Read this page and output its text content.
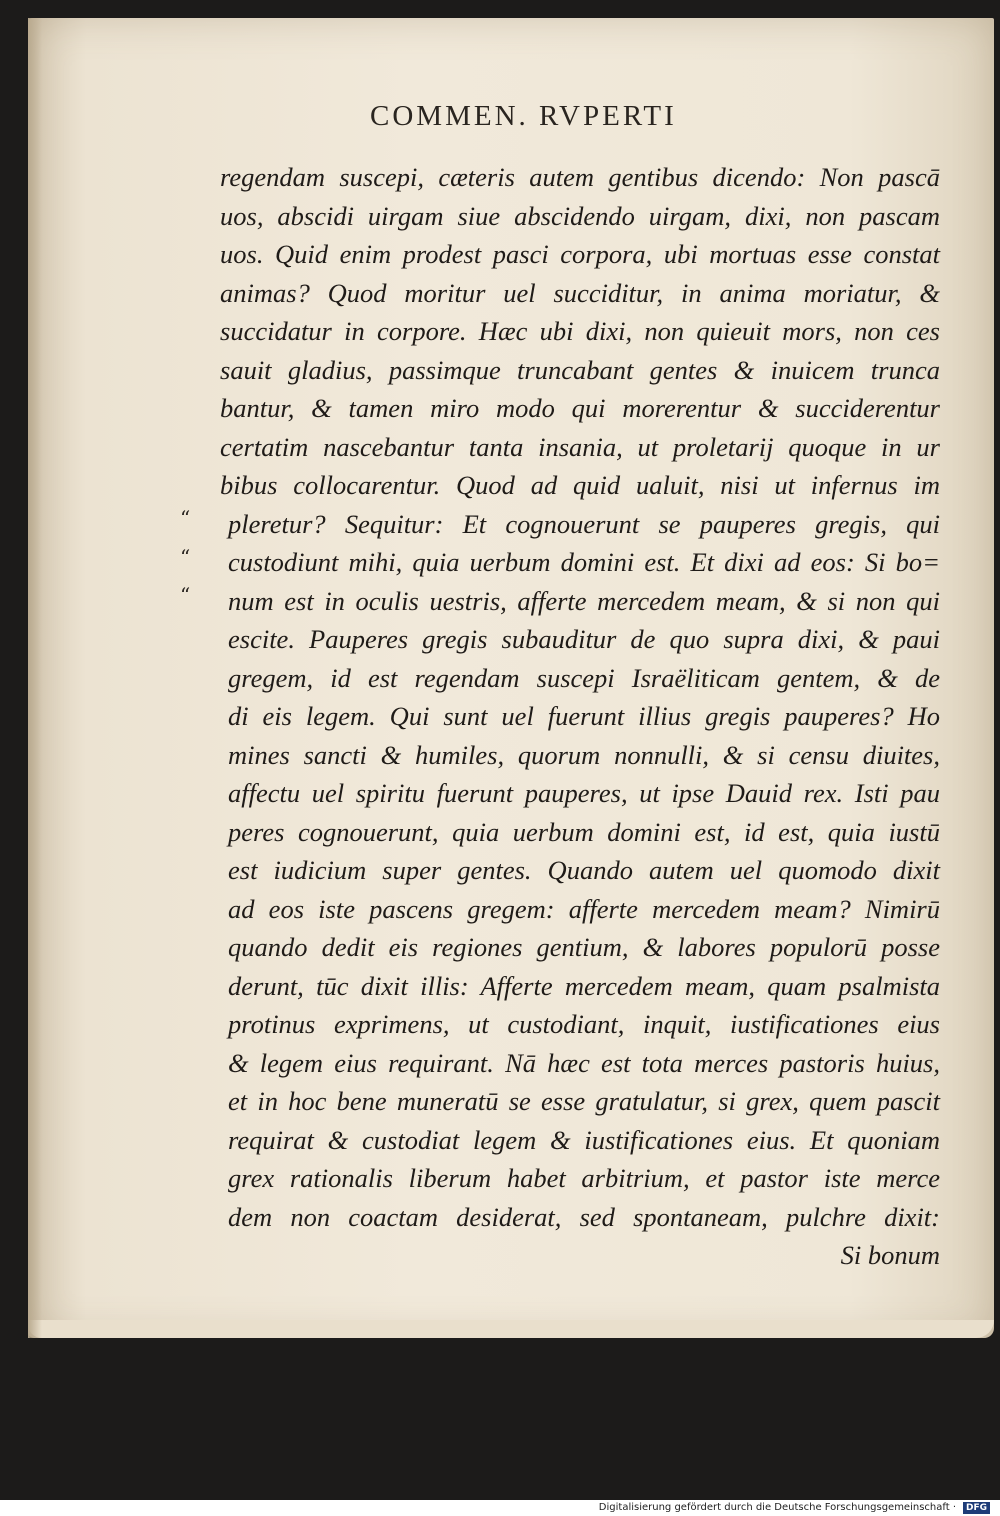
COMMEN. RVPERTI
regendam suscepi, cæteris autem gentibus dicendo: Non pascā
uos, abscidi uirgam siue abscidendo uirgam, dixi, non pascam
uos. Quid enim prodest pasci corpora, ubi mortuas esse constat
animas? Quod moritur uel succiditur, in anima moriatur, &
succidatur in corpore. Hæc ubi dixi, non quieuit mors, non ces
sauit gladius, passimque truncabant gentes & inuicem trunca
bantur, & tamen miro modo qui morerentur & succiderentur
certatim nascebantur tanta insania, ut proletarij quoque in ur
bibus collocarentur. Quod ad quid ualuit, nisi ut infernus im
pleretur? Sequitur: Et cognouerunt se pauperes gregis, qui
custodiunt mihi, quia uerbum domini est. Et dixi ad eos: Si bo=
num est in oculis uestris, afferte mercedem meam, & si non qui
escite. Pauperes gregis subauditur de quo supra dixi, & paui
gregem, id est regendam suscepi Israëliticam gentem, & de
di eis legem. Qui sunt uel fuerunt illius gregis pauperes? Ho
mines sancti & humiles, quorum nonnulli, & si censu diuites,
affectu uel spiritu fuerunt pauperes, ut ipse Dauid rex. Isti pau
peres cognouerunt, quia uerbum domini est, id est, quia iustū
est iudicium super gentes. Quando autem uel quomodo dixit
ad eos iste pascens gregem: afferte mercedem meam? Nimirū
quando dedit eis regiones gentium, & labores populorū posse
derunt, tūc dixit illis: Afferte mercedem meam, quam psalmista
protinus exprimens, ut custodiant, inquit, iustificationes eius
& legem eius requirant. Nā hæc est tota merces pastoris huius,
et in hoc bene muneratū se esse gratulatur, si grex, quem pascit
requirat & custodiat legem & iustificationes eius. Et quoniam
grex rationalis liberum habet arbitrium, et pastor iste merce
dem non coactam desiderat, sed spontaneam, pulchre dixit:
Si bonum
“
“
“
Digitalisierung gefördert durch die Deutsche Forschungsgemeinschaft ·	DFG
